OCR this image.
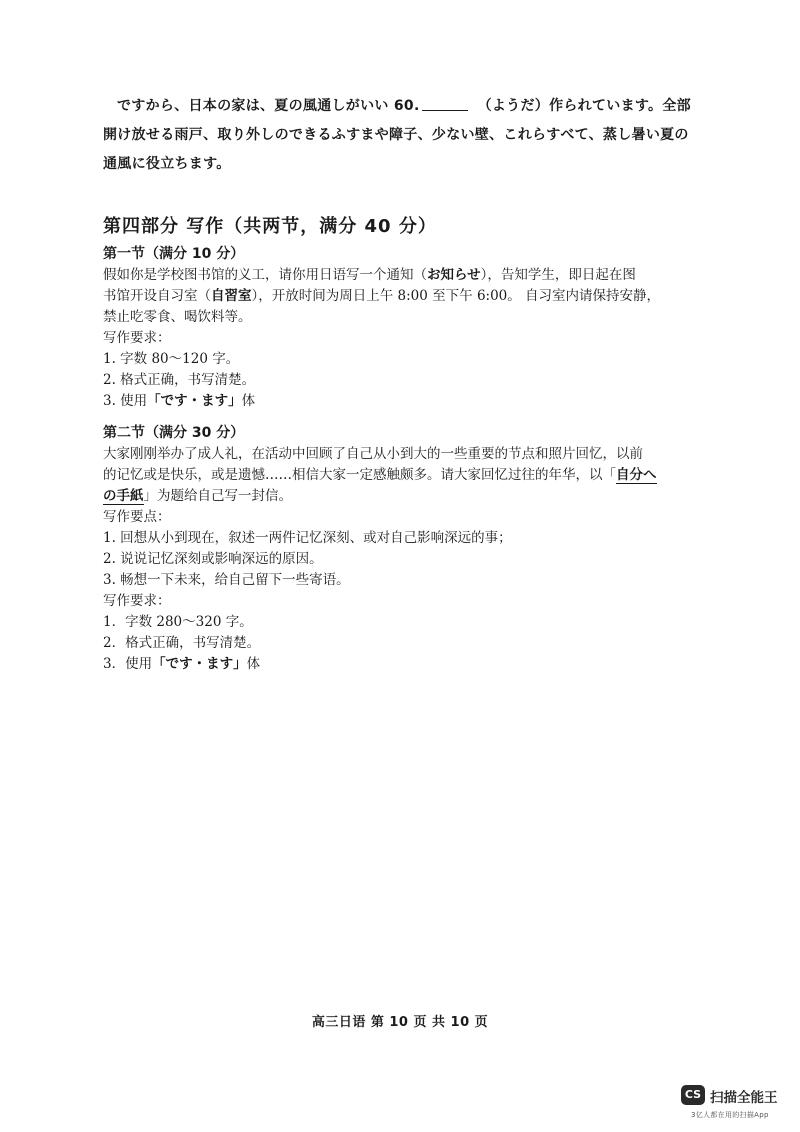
ですから、日本の家は、夏の風通しがいい 60.	（ようだ）作られています。全部開け放せる雨戸、取り外しのできるふすまや障子、少ない壁、これらすべて、蒸し暑い夏の通風に役立ちます。
第四部分 写作（共两节，满分 40 分）
第一节（满分 10 分）
假如你是学校图书馆的义工，请你用日语写一个通知（お知らせ），告知学生，即日起在图
书馆开设自习室（自習室），开放时间为周日上午 8:00 至下午 6:00。 自习室内请保持安静，
禁止吃零食、喝饮料等。
写作要求：
1. 字数 80～120 字。
2. 格式正确，书写清楚。
3. 使用「です・ます」体
第二节（满分 30 分）
大家刚刚举办了成人礼，在活动中回顾了自己从小到大的一些重要的节点和照片回忆，以前
的记忆或是快乐，或是遗憾……相信大家一定感触颇多。请大家回忆过往的年华，以「自分へ
の手紙」为题给自己写一封信。
写作要点：
1. 回想从小到现在，叙述一两件记忆深刻、或对自己影响深远的事；
2. 说说记忆深刻或影响深远的原因。
3. 畅想一下未来，给自己留下一些寄语。
写作要求：
1．字数 280～320 字。
2．格式正确，书写清楚。
3．使用「です・ます」体
高三日语 第 10 页 共 10 页
CS 扫描全能王
3亿人都在用的扫描App
